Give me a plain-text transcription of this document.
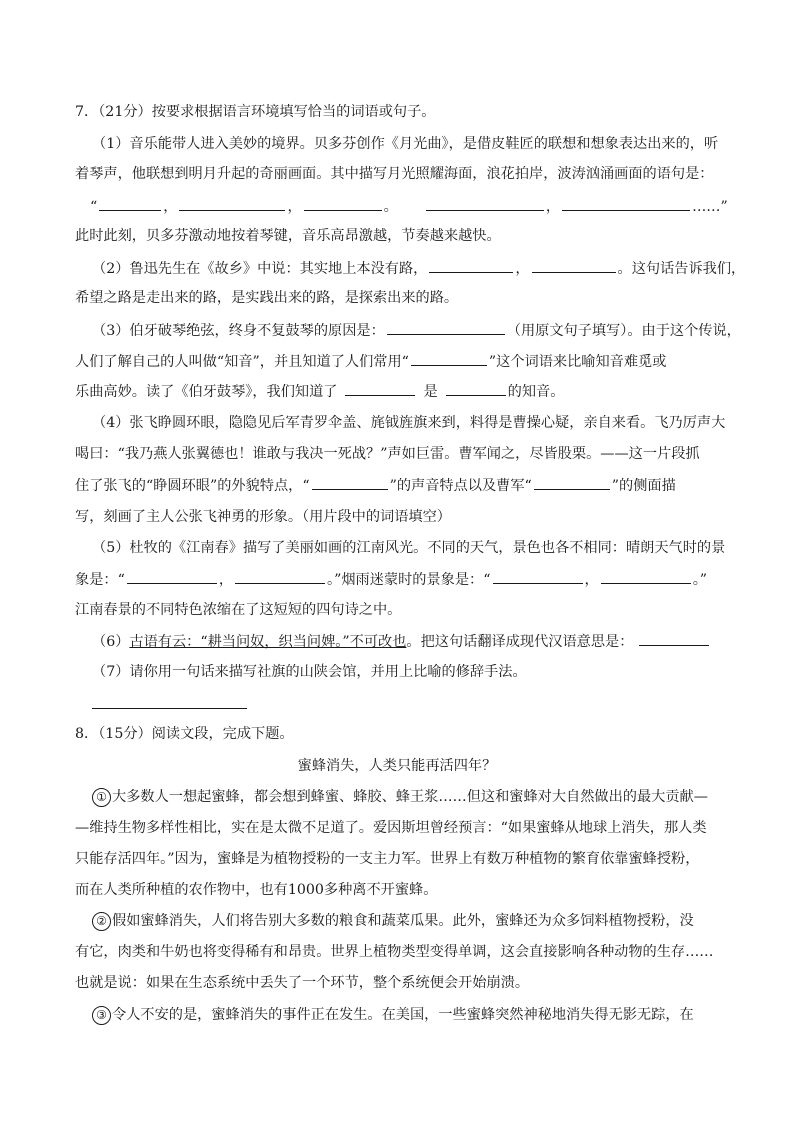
7．（21分）按要求根据语言环境填写恰当的词语或句子。
（1）音乐能带人进入美妙的境界。贝多芬创作《月光曲》，是借皮鞋匠的联想和想象表达出来的，听
着琴声，他联想到明月升起的奇丽画面。其中描写月光照耀海面，浪花拍岸，波涛汹涌画面的语句是：
“	，	，	。	，	……”
此时此刻，贝多芬激动地按着琴键，音乐高昂激越，节奏越来越快。
（2）鲁迅先生在《故乡》中说：其实地上本没有路，	，	。这句话告诉我们，
希望之路是走出来的路，是实践出来的路，是探索出来的路。
（3）伯牙破琴绝弦，终身不复鼓琴的原因是：	（用原文句子填写）。由于这个传说，
人们了解自己的人叫做“知音”，并且知道了人们常用“	”这个词语来比喻知音难觅或
乐曲高妙。读了《伯牙鼓琴》，我们知道了	是	的知音。
（4）张飞睁圆环眼，隐隐见后军青罗伞盖、旄钺旌旗来到，料得是曹操心疑，亲自来看。飞乃厉声大
喝曰：“我乃燕人张翼德也！谁敢与我决一死战？”声如巨雷。曹军闻之，尽皆股栗。——这一片段抓
住了张飞的“睁圆环眼”的外貌特点，“	”的声音特点以及曹军“	”的侧面描
写，刻画了主人公张飞神勇的形象。（用片段中的词语填空）
（5）杜牧的《江南春》描写了美丽如画的江南风光。不同的天气，景色也各不相同：晴朗天气时的景
象是：“	，	。”烟雨迷蒙时的景象是：“	，	。”
江南春景的不同特色浓缩在了这短短的四句诗之中。
（6）古语有云：“耕当问奴，织当问婢。”不可改也。把这句话翻译成现代汉语意思是：
（7）请你用一句话来描写社旗的山陕会馆，并用上比喻的修辞手法。
8．（15分）阅读文段，完成下题。
蜜蜂消失，人类只能再活四年？
① 大多数人一想起蜜蜂，都会想到蜂蜜、蜂胶、蜂王浆……但这和蜜蜂对大自然做出的最大贡献—
—维持生物多样性相比，实在是太微不足道了。爱因斯坦曾经预言：“如果蜜蜂从地球上消失，那人类
只能存活四年。”因为，蜜蜂是为植物授粉的一支主力军。世界上有数万种植物的繁育依靠蜜蜂授粉，
而在人类所种植的农作物中，也有1000多种离不开蜜蜂。
② 假如蜜蜂消失，人们将告别大多数的粮食和蔬菜瓜果。此外，蜜蜂还为众多饲料植物授粉，没
有它，肉类和牛奶也将变得稀有和昂贵。世界上植物类型变得单调，这会直接影响各种动物的生存……
也就是说：如果在生态系统中丢失了一个环节，整个系统便会开始崩溃。
③ 令人不安的是，蜜蜂消失的事件正在发生。在美国，一些蜜蜂突然神秘地消失得无影无踪，在
